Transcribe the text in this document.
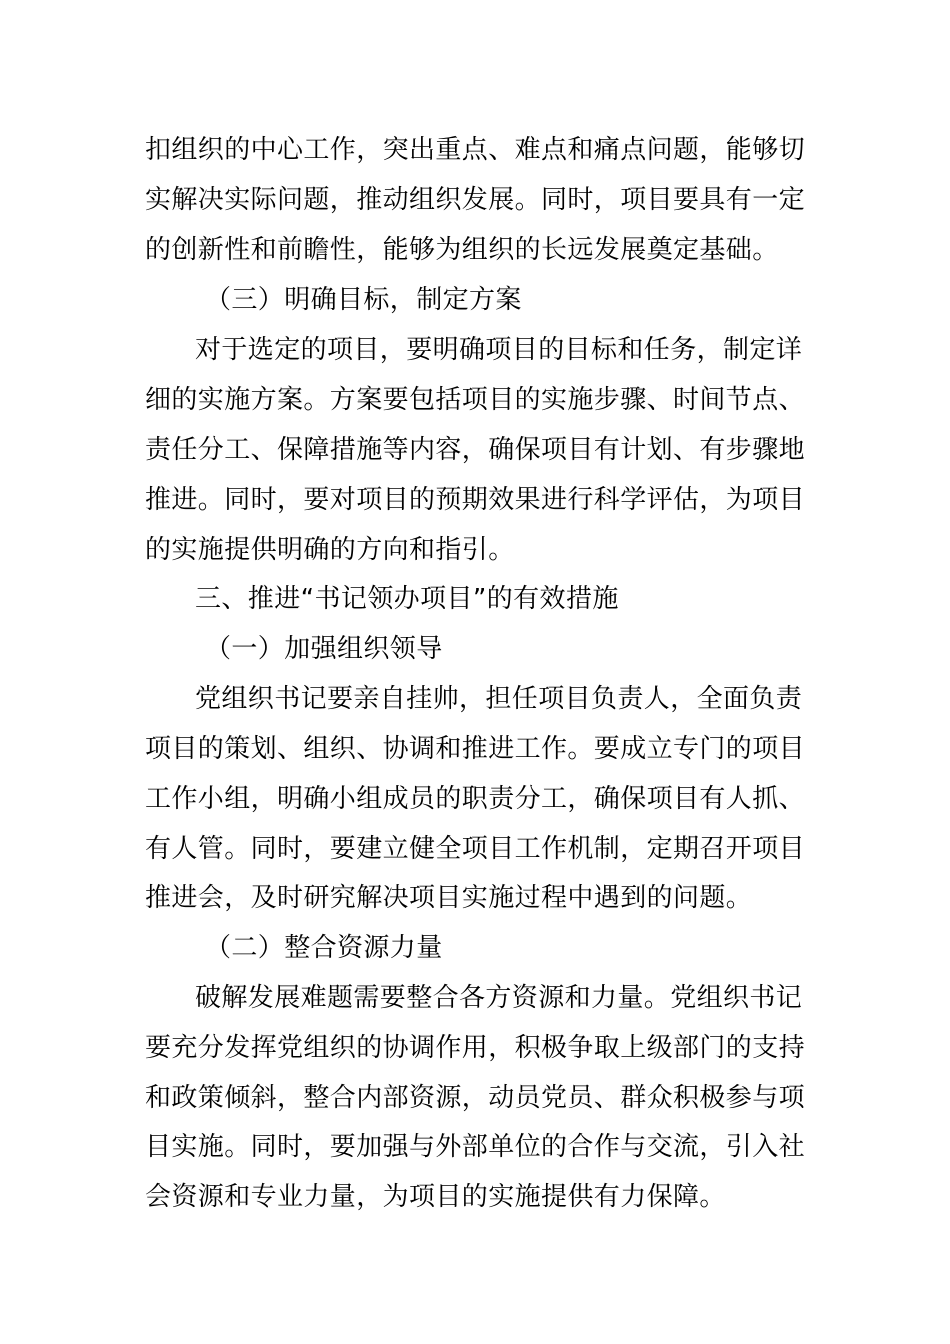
扣组织的中心工作，突出重点、难点和痛点问题，能够切
实解决实际问题，推动组织发展。同时，项目要具有一定
的创新性和前瞻性，能够为组织的长远发展奠定基础。
（三）明确目标，制定方案
对于选定的项目，要明确项目的目标和任务，制定详
细的实施方案。方案要包括项目的实施步骤、时间节点、
责任分工、保障措施等内容，确保项目有计划、有步骤地
推进。同时，要对项目的预期效果进行科学评估，为项目
的实施提供明确的方向和指引。
三、推进“书记领办项目”的有效措施
（一）加强组织领导
党组织书记要亲自挂帅，担任项目负责人，全面负责
项目的策划、组织、协调和推进工作。要成立专门的项目
工作小组，明确小组成员的职责分工，确保项目有人抓、
有人管。同时，要建立健全项目工作机制，定期召开项目
推进会，及时研究解决项目实施过程中遇到的问题。
（二）整合资源力量
破解发展难题需要整合各方资源和力量。党组织书记
要充分发挥党组织的协调作用，积极争取上级部门的支持
和政策倾斜，整合内部资源，动员党员、群众积极参与项
目实施。同时，要加强与外部单位的合作与交流，引入社
会资源和专业力量，为项目的实施提供有力保障。
